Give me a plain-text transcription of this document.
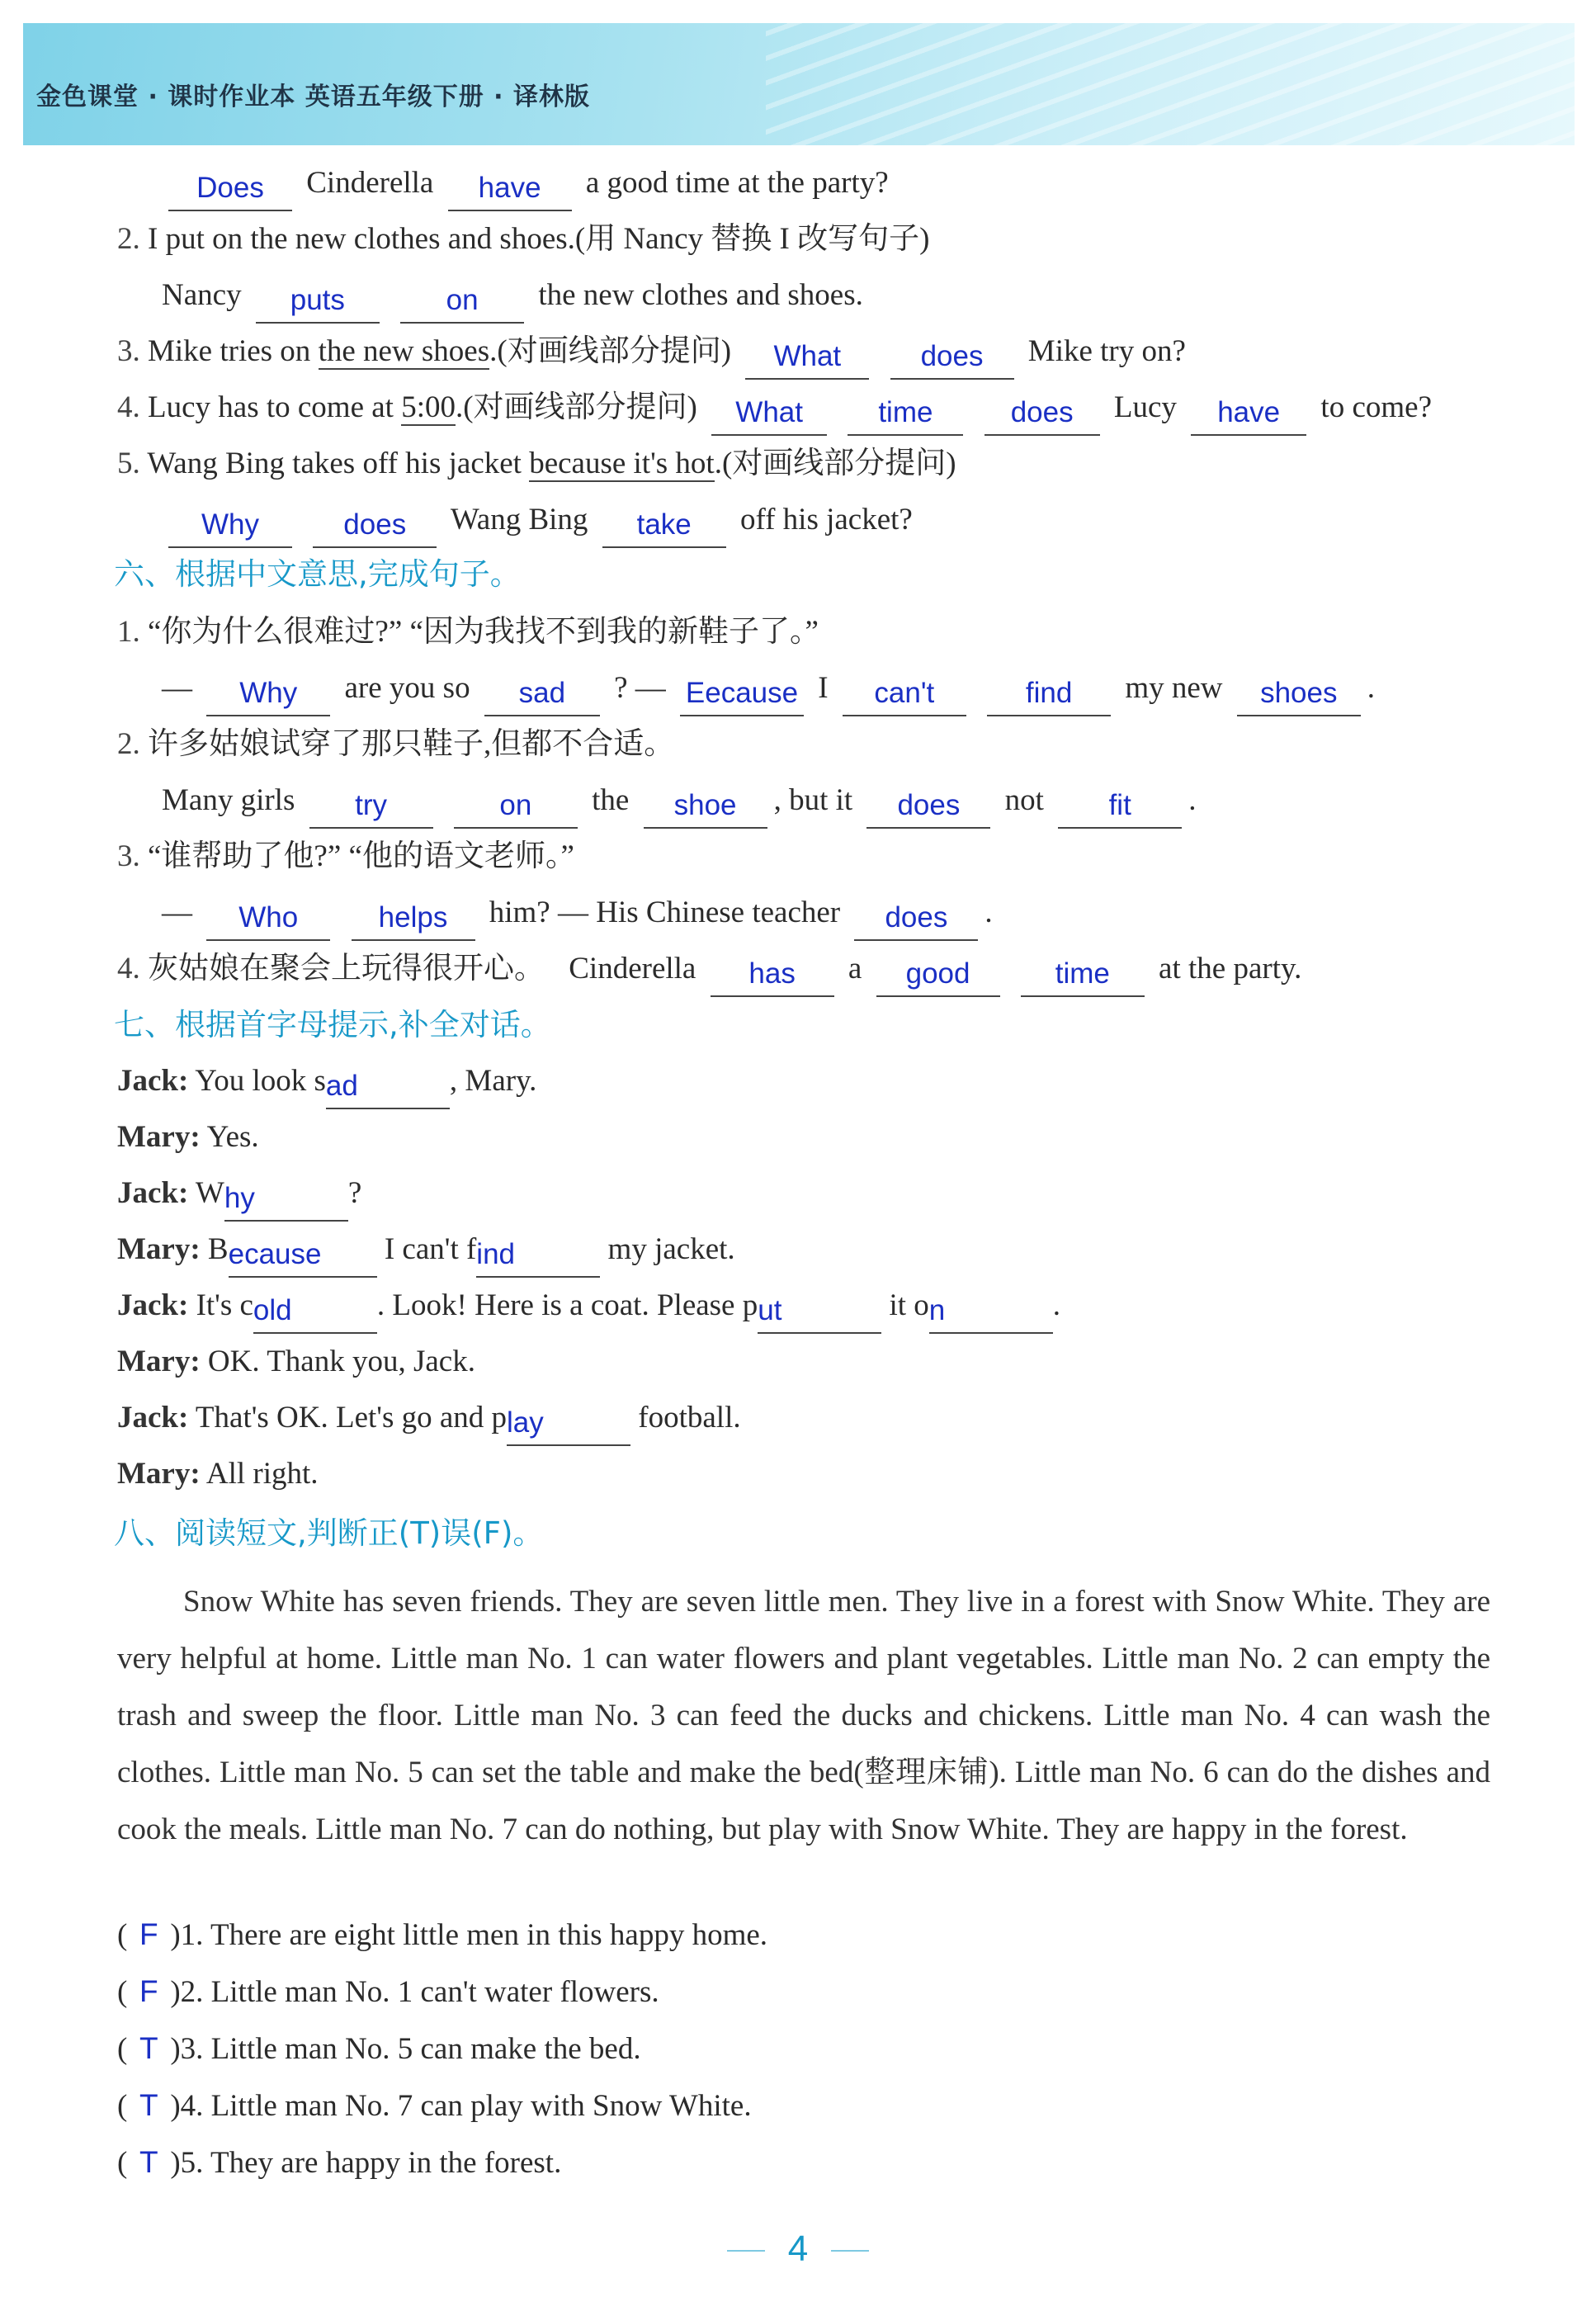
金色课堂 · 课时作业本 英语五年级下册 · 译林版
Does Cinderella have a good time at the party?
2. I put on the new clothes and shoes.(用 Nancy 替换 I 改写句子)
Nancy puts	on the new clothes and shoes.
3. Mike tries on the new shoes.(对画线部分提问) What	does Mike try on?
4. Lucy has to come at 5:00.(对画线部分提问) What	time	does Lucy have to come?
5. Wang Bing takes off his jacket because it's hot.(对画线部分提问)
Why	does Wang Bing take off his jacket?
六、根据中文意思,完成句子。
1. “你为什么很难过?” “因为我找不到我的新鞋子了。”
— Why are you so sad ? — Eecause I can't	find my new shoes .
2. 许多姑娘试穿了那只鞋子,但都不合适。
Many girls try	on the shoe , but it does not fit .
3. “谁帮助了他?” “他的语文老师。”
— Who	helps him? — His Chinese teacher does .
4. 灰姑娘在聚会上玩得很开心。 Cinderella has a good	time at the party.
七、根据首字母提示,补全对话。
Jack: You look sad	, Mary.
Mary: Yes.
Jack: Why	?
Mary: Because I can't find	my jacket.
Jack: It's cold	. Look! Here is a coat. Please put	it on	.
Mary: OK. Thank you, Jack.
Jack: That's OK. Let's go and play	football.
Mary: All right.
八、阅读短文,判断正(T)误(F)。
Snow White has seven friends. They are seven little men. They live in a forest with Snow White. They are very helpful at home. Little man No. 1 can water flowers and plant vegetables. Little man No. 2 can empty the trash and sweep the floor. Little man No. 3 can feed the ducks and chickens. Little man No. 4 can wash the clothes. Little man No. 5 can set the table and make the bed(整理床铺). Little man No. 6 can do the dishes and cook the meals. Little man No. 7 can do nothing, but play with Snow White. They are happy in the forest.
( F )1. There are eight little men in this happy home.
( F )2. Little man No. 1 can't water flowers.
( T )3. Little man No. 5 can make the bed.
( T )4. Little man No. 7 can play with Snow White.
( T )5. They are happy in the forest.
4
